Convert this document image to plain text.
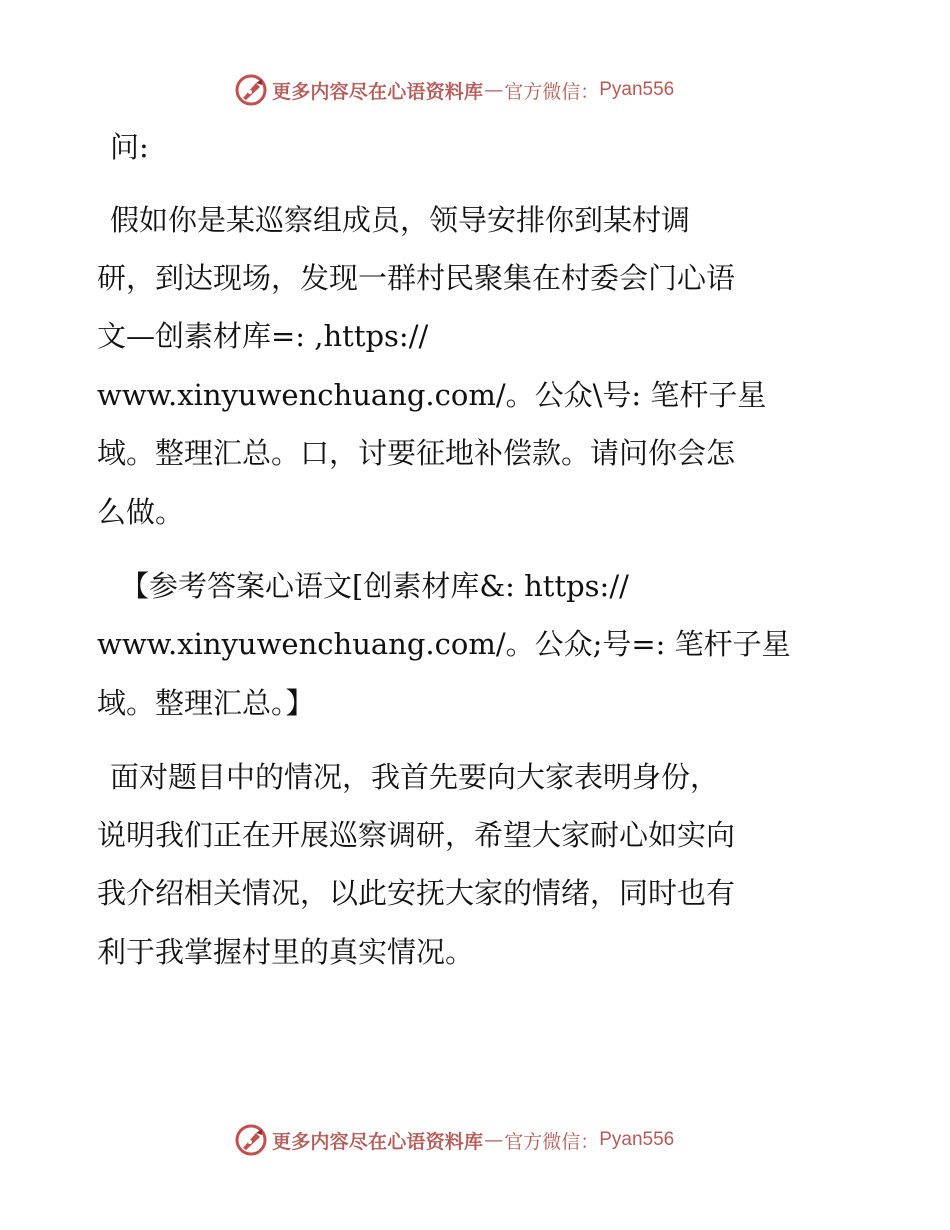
更多内容尽在心语资料库 — 官方微信： Pyan556

问:

假如你是某巡察组成员，领导安排你到某村调

研，到达现场，发现一群村民聚集在村委会门心语

文—创素材库=: ,https://

www.xinyuwenchuang.com/。公众\号: 笔杆子星

域。整理汇总。口，讨要征地补偿款。请问你会怎

么做。

【参考答案心语文[创素材库&: https://

www.xinyuwenchuang.com/。公众;号=: 笔杆子星

域。整理汇总。】

面对题目中的情况，我首先要向大家表明身份，

说明我们正在开展巡察调研，希望大家耐心如实向

我介绍相关情况，以此安抚大家的情绪，同时也有

利于我掌握村里的真实情况。

更多内容尽在心语资料库 — 官方微信： Pyan556
